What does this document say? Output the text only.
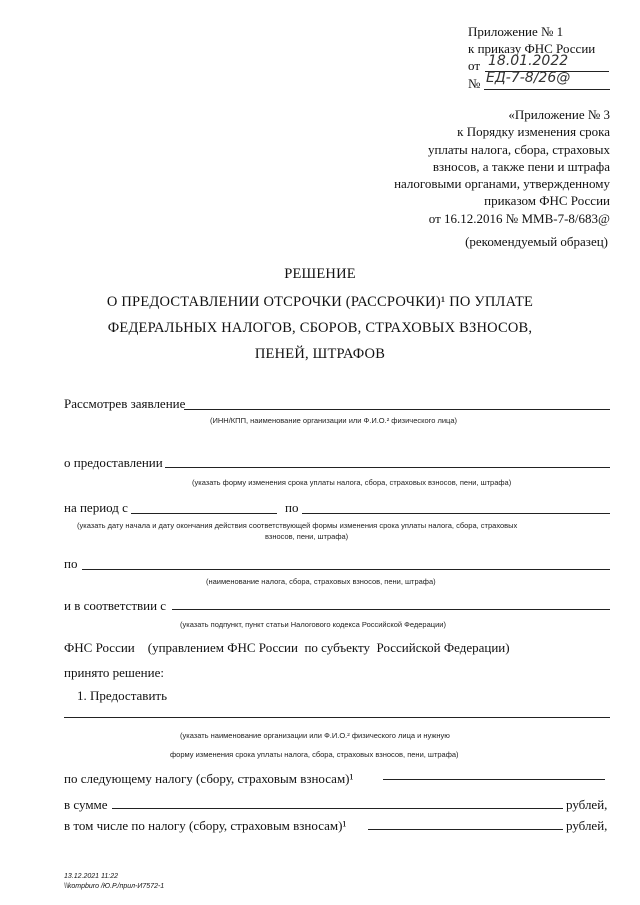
Приложение № 1
к приказу ФНС России
от 18.01.2022
№ ЕД-7-8/26@
«Приложение № 3
к Порядку изменения срока
уплаты налога, сбора, страховых
взносов, а также пени и штрафа
налоговыми органами, утвержденному
приказом ФНС России
от 16.12.2016 № ММВ-7-8/683@
(рекомендуемый образец)
РЕШЕНИЕ
О ПРЕДОСТАВЛЕНИИ ОТСРОЧКИ (РАССРОЧКИ)¹ ПО УПЛАТЕ
ФЕДЕРАЛЬНЫХ НАЛОГОВ, СБОРОВ, СТРАХОВЫХ ВЗНОСОВ,
ПЕНЕЙ, ШТРАФОВ
Рассмотрев заявление
(ИНН/КПП, наименование организации или Ф.И.О.² физического лица)
о предоставлении
(указать форму изменения срока уплаты налога, сбора, страховых взносов, пени, штрафа)
на период с	по
(указать дату начала и дату окончания действия соответствующей формы изменения срока уплаты налога, сбора, страховых
взносов, пени, штрафа)
по
(наименование налога, сбора, страховых взносов, пени, штрафа)
и в соответствии с
(указать подпункт, пункт статьи Налогового кодекса Российской Федерации)
ФНС России    (управлением ФНС России  по субъекту  Российской Федерации)
принято решение:
1. Предоставить
(указать наименование организации или Ф.И.О.² физического лица и нужную
форму изменения срока уплаты налога, сбора, страховых взносов, пени, штрафа)
по следующему налогу (сбору, страховым взносам)¹
в сумме	рублей,
в том числе по налогу (сбору, страховым взносам)¹	рублей,
13.12.2021 11:22
\\kompburo /Ю.Р./прил-И7572-1
